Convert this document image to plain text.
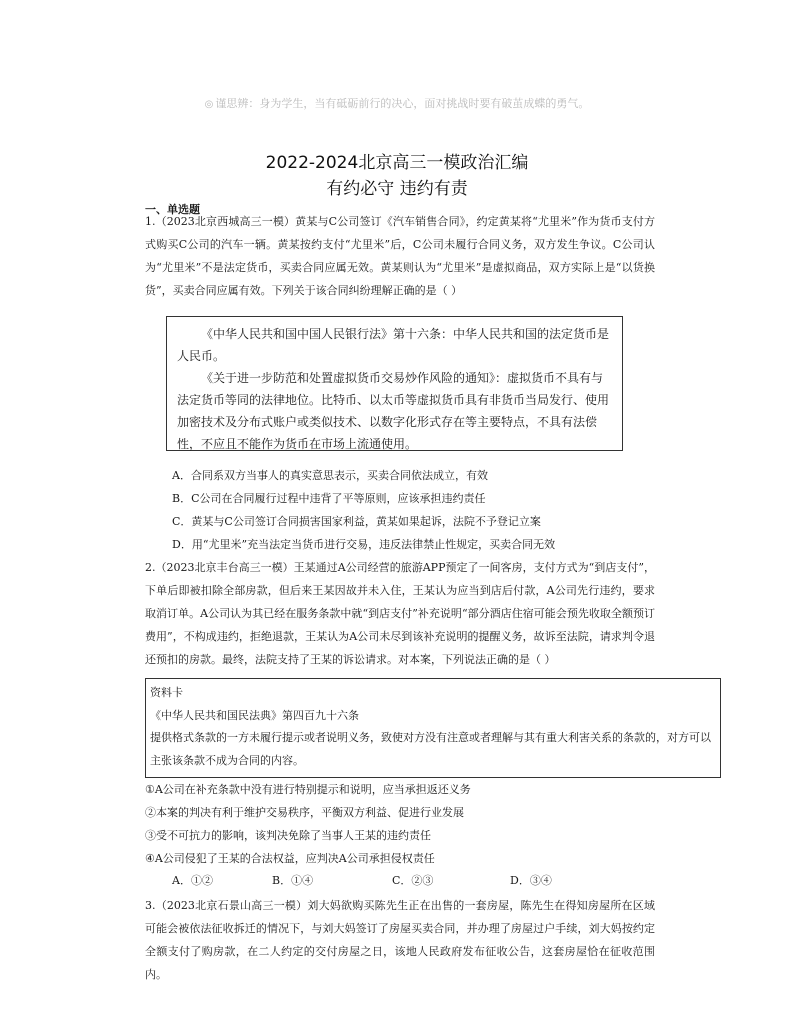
◎ 谨思辨：身为学生，当有砥砺前行的决心，面对挑战时要有破茧成蝶的勇气。
2022-2024北京高三一模政治汇编
有约必守 违约有责
一、单选题
1.（2023北京西城高三一模）黄某与C公司签订《汽车销售合同》，约定黄某将“尤里米”作为货币支付方式购买C公司的汽车一辆。黄某按约支付“尤里米”后，C公司未履行合同义务，双方发生争议。C公司认为“尤里米”不是法定货币，买卖合同应属无效。黄某则认为“尤里米”是虚拟商品，双方实际上是“以货换货”，买卖合同应属有效。下列关于该合同纠纷理解正确的是（ ）

《中华人民共和国中国人民银行法》第十六条：中华人民共和国的法定货币是人民币。

《关于进一步防范和处置虚拟货币交易炒作风险的通知》：虚拟货币不具有与法定货币等同的法律地位。比特币、以太币等虚拟货币具有非货币当局发行、使用加密技术及分布式账户或类似技术、以数字化形式存在等主要特点，不具有法偿性，不应且不能作为货币在市场上流通使用。

A．合同系双方当事人的真实意思表示，买卖合同依法成立，有效
B．C公司在合同履行过程中违背了平等原则，应该承担违约责任
C．黄某与C公司签订合同损害国家利益，黄某如果起诉，法院不予登记立案
D．用“尤里米”充当法定当货币进行交易，违反法律禁止性规定，买卖合同无效
2.（2023北京丰台高三一模）王某通过A公司经营的旅游APP预定了一间客房，支付方式为“到店支付”，下单后即被扣除全部房款，但后来王某因故并未入住，王某认为应当到店后付款，A公司先行违约，要求取消订单。A公司认为其已经在服务条款中就“到店支付”补充说明“部分酒店住宿可能会预先收取全额预订费用”，不构成违约，拒绝退款，王某认为A公司未尽到该补充说明的提醒义务，故诉至法院，请求判令退还预扣的房款。最终，法院支持了王某的诉讼请求。对本案，下列说法正确的是（ ）

资料卡

《中华人民共和国民法典》第四百九十六条

提供格式条款的一方未履行提示或者说明义务，致使对方没有注意或者理解与其有重大利害关系的条款的，对方可以主张该条款不成为合同的内容。

①A公司在补充条款中没有进行特别提示和说明，应当承担返还义务
②本案的判决有利于维护交易秩序，平衡双方利益、促进行业发展
③受不可抗力的影响，该判决免除了当事人王某的违约责任
④A公司侵犯了王某的合法权益，应判决A公司承担侵权责任
A．①②	B．①④	C．②③	D．③④
3.（2023北京石景山高三一模）刘大妈欲购买陈先生正在出售的一套房屋，陈先生在得知房屋所在区域可能会被依法征收拆迁的情况下，与刘大妈签订了房屋买卖合同，并办理了房屋过户手续，刘大妈按约定全额支付了购房款，在二人约定的交付房屋之日，该地人民政府发布征收公告，这套房屋恰在征收范围内。
